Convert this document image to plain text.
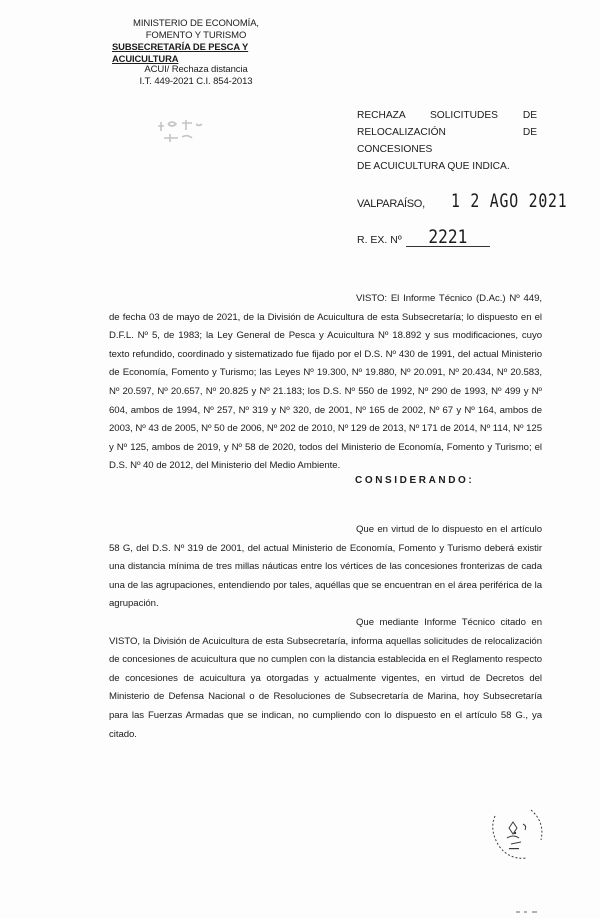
MINISTERIO DE ECONOMÍA,
FOMENTO Y TURISMO
SUBSECRETARÍA DE PESCA Y ACUICULTURA
ACUI/ Rechaza distancia
I.T. 449-2021 C.I. 854-2013
RECHAZA SOLICITUDES DE
RELOCALIZACIÓN DE CONCESIONES
DE ACUICULTURA QUE INDICA.
VALPARAÍSO, 1 2 AGO 2021
R. EX. Nº	2221

VISTO: El Informe Técnico (D.Ac.) Nº 449, de fecha 03 de mayo de 2021, de la División de Acuicultura de esta Subsecretaría; lo dispuesto en el D.F.L. Nº 5, de 1983; la Ley General de Pesca y Acuicultura Nº 18.892 y sus modificaciones, cuyo texto refundido, coordinado y sistematizado fue fijado por el D.S. Nº 430 de 1991, del actual Ministerio de Economía, Fomento y Turismo; las Leyes Nº 19.300, Nº 19.880, Nº 20.091, Nº 20.434, Nº 20.583, Nº 20.597, Nº 20.657, Nº 20.825 y Nº 21.183; los D.S. Nº 550 de 1992, Nº 290 de 1993, Nº 499 y Nº 604, ambos de 1994, Nº 257, Nº 319 y Nº 320, de 2001, Nº 165 de 2002, Nº 67 y Nº 164, ambos de 2003, Nº 43 de 2005, Nº 50 de 2006, Nº 202 de 2010, Nº 129 de 2013, Nº 171 de 2014, Nº 114, Nº 125 y Nº 125, ambos de 2019, y Nº 58 de 2020, todos del Ministerio de Economía, Fomento y Turismo; el D.S. Nº 40 de 2012, del Ministerio del Medio Ambiente.

CONSIDERANDO:

Que en virtud de lo dispuesto en el artículo 58 G, del D.S. Nº 319 de 2001, del actual Ministerio de Economía, Fomento y Turismo deberá existir una distancia mínima de tres millas náuticas entre los vértices de las concesiones fronterizas de cada una de las agrupaciones, entendiendo por tales, aquéllas que se encuentran en el área periférica de la agrupación.

Que mediante Informe Técnico citado en VISTO, la División de Acuicultura de esta Subsecretaría, informa aquellas solicitudes de relocalización de concesiones de acuicultura que no cumplen con la distancia establecida en el Reglamento respecto de concesiones de acuicultura ya otorgadas y actualmente vigentes, en virtud de Decretos del Ministerio de Defensa Nacional o de Resoluciones de Subsecretaría de Marina, hoy Subsecretaría para las Fuerzas Armadas que se indican, no cumpliendo con lo dispuesto en el artículo 58 G., ya citado.
